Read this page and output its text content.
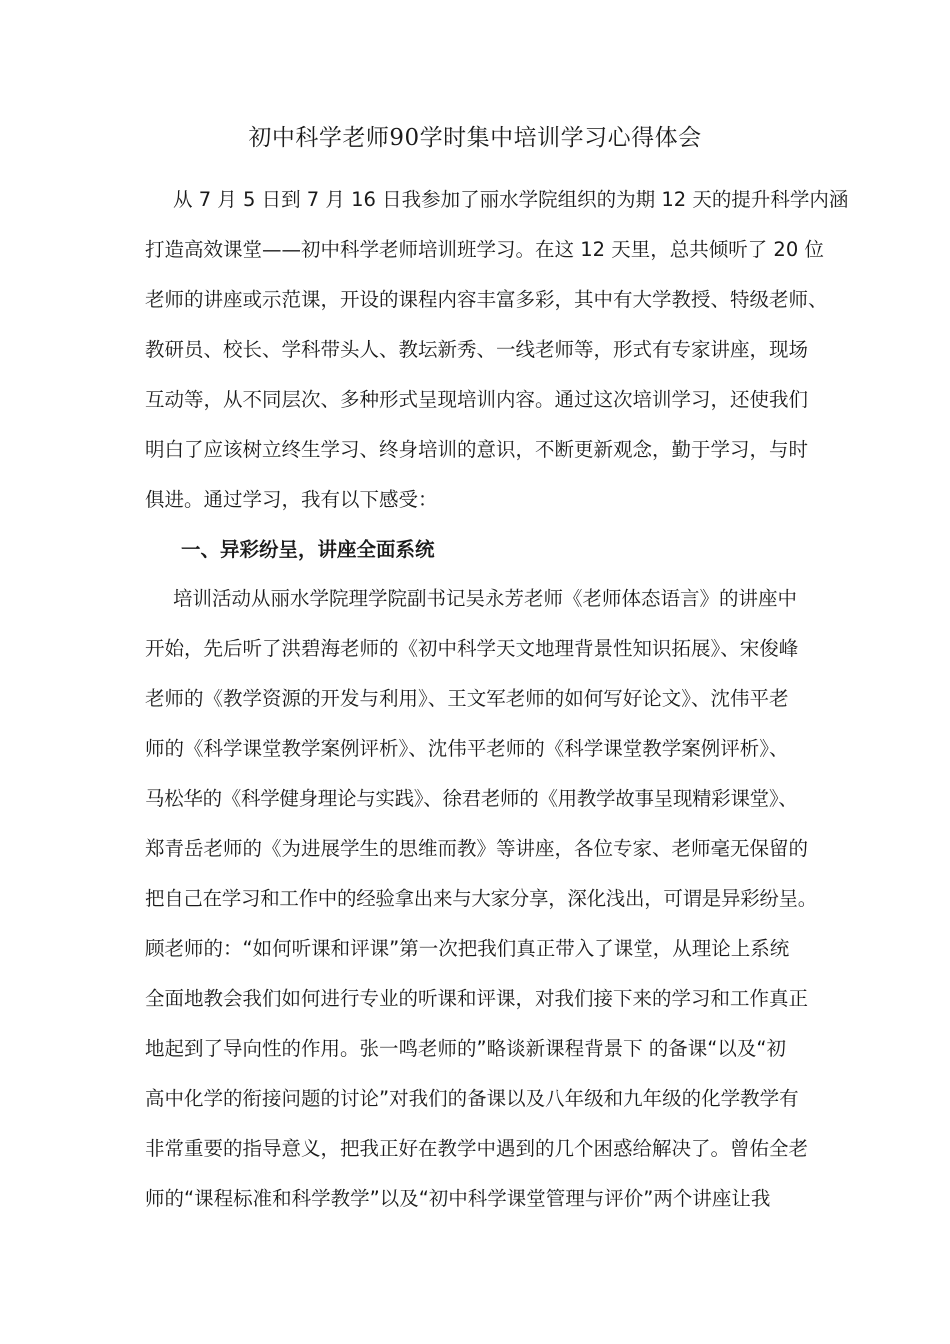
初中科学老师90学时集中培训学习心得体会
从 7 月 5 日到 7 月 16 日我参加了丽水学院组织的为期 12 天的提升科学内涵
打造高效课堂——初中科学老师培训班学习。在这 12 天里，总共倾听了 20 位
老师的讲座或示范课，开设的课程内容丰富多彩，其中有大学教授、特级老师、
教研员、校长、学科带头人、教坛新秀、一线老师等，形式有专家讲座，现场
互动等，从不同层次、多种形式呈现培训内容。通过这次培训学习，还使我们
明白了应该树立终生学习、终身培训的意识，不断更新观念，勤于学习，与时
俱进。通过学习，我有以下感受：
一、异彩纷呈，讲座全面系统
培训活动从丽水学院理学院副书记吴永芳老师《老师体态语言》的讲座中
开始，先后听了洪碧海老师的《初中科学天文地理背景性知识拓展》、宋俊峰
老师的《教学资源的开发与利用》、王文军老师的如何写好论文》、沈伟平老
师的《科学课堂教学案例评析》、沈伟平老师的《科学课堂教学案例评析》、
马松华的《科学健身理论与实践》、徐君老师的《用教学故事呈现精彩课堂》、
郑青岳老师的《为进展学生的思维而教》等讲座，各位专家、老师毫无保留的
把自己在学习和工作中的经验拿出来与大家分享，深化浅出，可谓是异彩纷呈。
顾老师的：“如何听课和评课”第一次把我们真正带入了课堂，从理论上系统
全面地教会我们如何进行专业的听课和评课，对我们接下来的学习和工作真正
地起到了导向性的作用。张一鸣老师的”略谈新课程背景下 的备课“以及“初
高中化学的衔接问题的讨论”对我们的备课以及八年级和九年级的化学教学有
非常重要的指导意义，把我正好在教学中遇到的几个困惑给解决了。曾佑全老
师的“课程标准和科学教学”以及“初中科学课堂管理与评价”两个讲座让我
